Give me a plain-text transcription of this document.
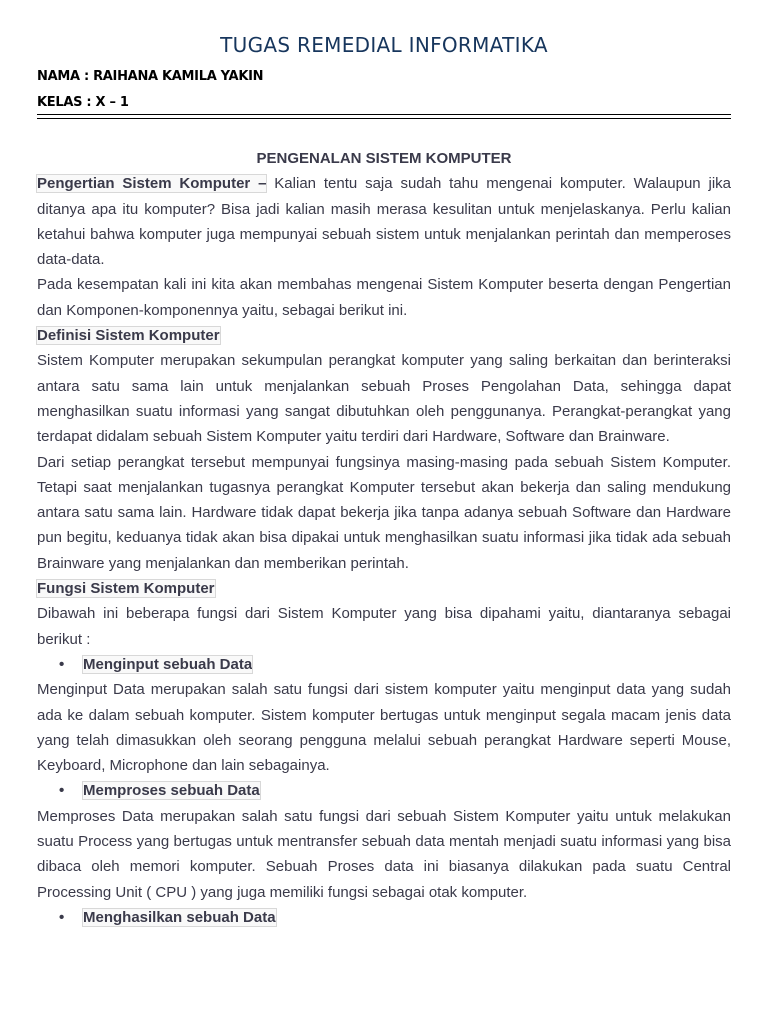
TUGAS REMEDIAL INFORMATIKA
NAMA : RAIHANA KAMILA YAKIN
KELAS : X – 1

PENGENALAN SISTEM KOMPUTER

Pengertian Sistem Komputer – Kalian tentu saja sudah tahu mengenai komputer. Walaupun jika ditanya apa itu komputer? Bisa jadi kalian masih merasa kesulitan untuk menjelaskanya. Perlu kalian ketahui bahwa komputer juga mempunyai sebuah sistem untuk menjalankan perintah dan memperoses data-data.

Pada kesempatan kali ini kita akan membahas mengenai Sistem Komputer beserta dengan Pengertian dan Komponen-komponennya yaitu, sebagai berikut ini.

Definisi Sistem Komputer

Sistem Komputer merupakan sekumpulan perangkat komputer yang saling berkaitan dan berinteraksi antara satu sama lain untuk menjalankan sebuah Proses Pengolahan Data, sehingga dapat menghasilkan suatu informasi yang sangat dibutuhkan oleh penggunanya. Perangkat-perangkat yang terdapat didalam sebuah Sistem Komputer yaitu terdiri dari Hardware, Software dan Brainware.

Dari setiap perangkat tersebut mempunyai fungsinya masing-masing pada sebuah Sistem Komputer. Tetapi saat menjalankan tugasnya perangkat Komputer tersebut akan bekerja dan saling mendukung antara satu sama lain. Hardware tidak dapat bekerja jika tanpa adanya sebuah Software dan Hardware pun begitu, keduanya tidak akan bisa dipakai untuk menghasilkan suatu informasi jika tidak ada sebuah Brainware yang menjalankan dan memberikan perintah.

Fungsi Sistem Komputer

Dibawah ini beberapa fungsi dari Sistem Komputer yang bisa dipahami yaitu, diantaranya sebagai berikut :

• Menginput sebuah Data

Menginput Data merupakan salah satu fungsi dari sistem komputer yaitu menginput data yang sudah ada ke dalam sebuah komputer. Sistem komputer bertugas untuk menginput segala macam jenis data yang telah dimasukkan oleh seorang pengguna melalui sebuah perangkat Hardware seperti Mouse, Keyboard, Microphone dan lain sebagainya.

• Memproses sebuah Data

Memproses Data merupakan salah satu fungsi dari sebuah Sistem Komputer yaitu untuk melakukan suatu Process yang bertugas untuk mentransfer sebuah data mentah menjadi suatu informasi yang bisa dibaca oleh memori komputer. Sebuah Proses data ini biasanya dilakukan pada suatu Central Processing Unit ( CPU ) yang juga memiliki fungsi sebagai otak komputer.

• Menghasilkan sebuah Data
